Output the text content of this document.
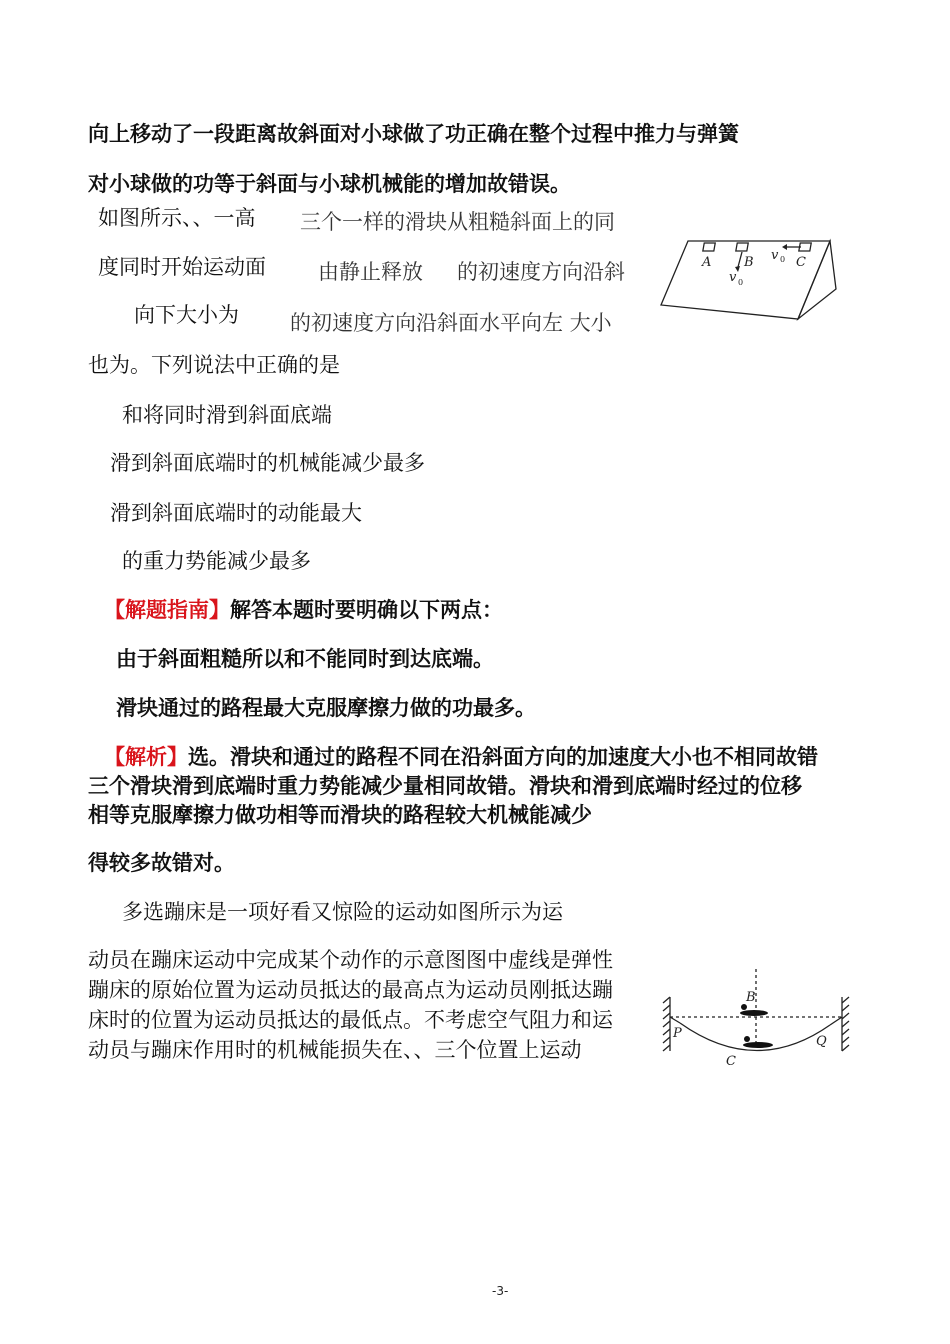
向上移动了一段距离故斜面对小球做了功正确在整个过程中推力与弹簧
对小球做的功等于斜面与小球机械能的增加故错误。
如图所示、、一高 三个一样的滑块从粗糙斜面上的同
度同时开始运动面 由静止释放 的初速度方向沿斜
向下大小为 的初速度方向沿斜面水平向左 大小
也为。下列说法中正确的是
A	B	C
v 0
v 0
和将同时滑到斜面底端
滑到斜面底端时的机械能减少最多
滑到斜面底端时的动能最大
的重力势能减少最多
【解题指南】解答本题时要明确以下两点：
由于斜面粗糙所以和不能同时到达底端。
滑块通过的路程最大克服摩擦力做的功最多。
【解析】选。滑块和通过的路程不同在沿斜面方向的加速度大小也不相同故错
三个滑块滑到底端时重力势能减少量相同故错。滑块和滑到底端时经过的位移
相等克服摩擦力做功相等而滑块的路程较大机械能减少
得较多故错对。
多选蹦床是一项好看又惊险的运动如图所示为运
动员在蹦床运动中完成某个动作的示意图图中虚线是弹性
蹦床的原始位置为运动员抵达的最高点为运动员刚抵达蹦
床时的位置为运动员抵达的最低点。不考虑空气阻力和运
动员与蹦床作用时的机械能损失在、、三个位置上运动
B
C
P
Q
-3-
